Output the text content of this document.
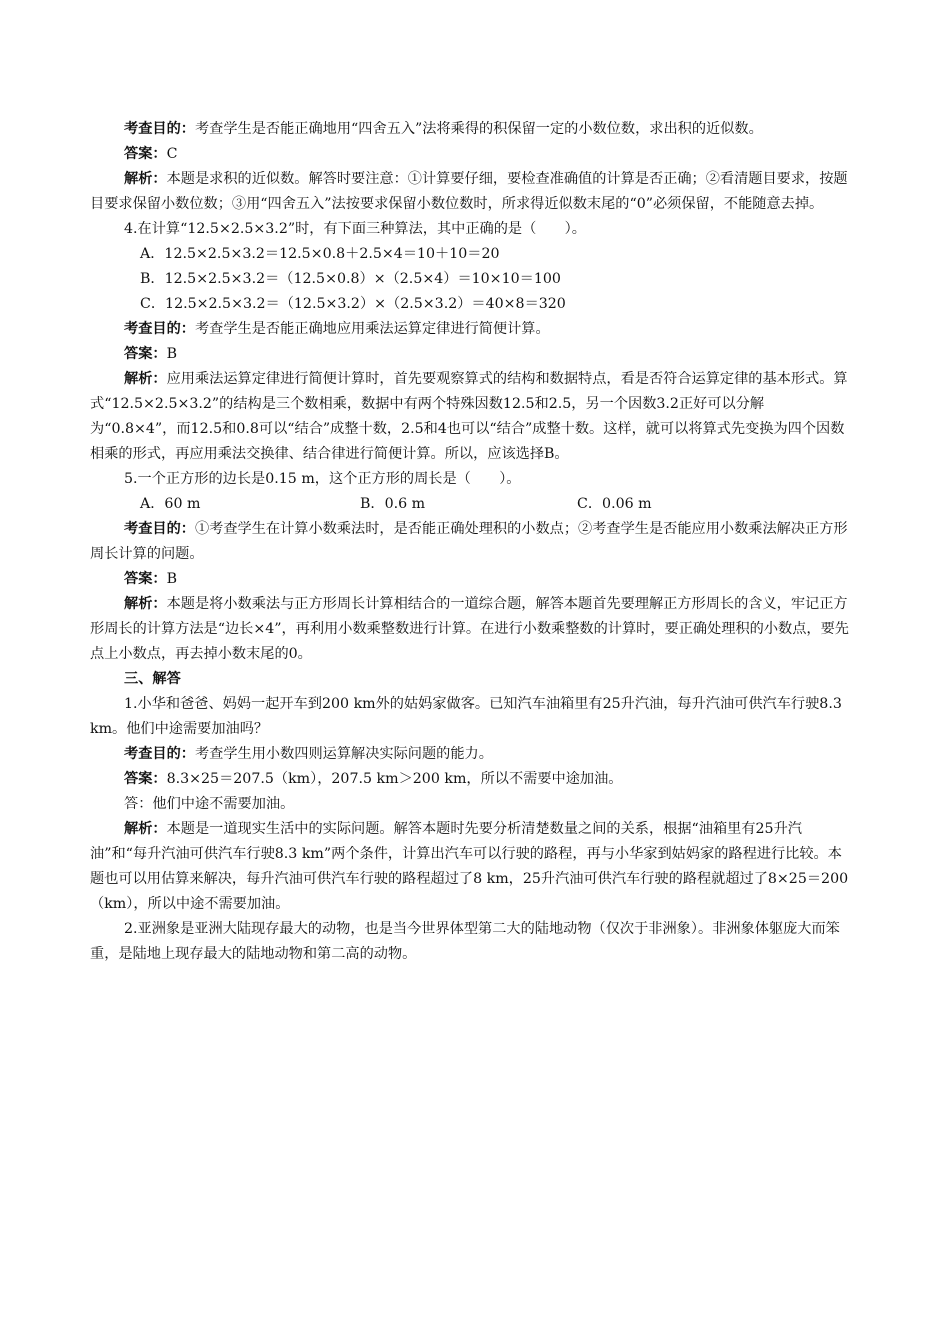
考查目的：考查学生是否能正确地用“四舍五入”法将乘得的积保留一定的小数位数，求出积的近似数。

答案：C

解析：本题是求积的近似数。解答时要注意：①计算要仔细，要检查准确值的计算是否正确；②看清题目要求，按题目要求保留小数位数；③用“四舍五入”法按要求保留小数位数时，所求得近似数末尾的“0”必须保留，不能随意去掉。

4.在计算“12.5×2.5×3.2”时，有下面三种算法，其中正确的是（　　）。

A．12.5×2.5×3.2＝12.5×0.8＋2.5×4＝10＋10＝20

B．12.5×2.5×3.2＝（12.5×0.8）×（2.5×4）＝10×10＝100

C．12.5×2.5×3.2＝（12.5×3.2）×（2.5×3.2）＝40×8＝320

考查目的：考查学生是否能正确地应用乘法运算定律进行简便计算。

答案：B

解析：应用乘法运算定律进行简便计算时，首先要观察算式的结构和数据特点，看是否符合运算定律的基本形式。算式“12.5×2.5×3.2”的结构是三个数相乘，数据中有两个特殊因数12.5和2.5，另一个因数3.2正好可以分解为“0.8×4”，而12.5和0.8可以“结合”成整十数，2.5和4也可以“结合”成整十数。这样，就可以将算式先变换为四个因数相乘的形式，再应用乘法交换律、结合律进行简便计算。所以，应该选择B。

5.一个正方形的边长是0.15 m，这个正方形的周长是（　　）。

A．60 m	B．0.6 m	C．0.06 m

考查目的：①考查学生在计算小数乘法时，是否能正确处理积的小数点；②考查学生是否能应用小数乘法解决正方形周长计算的问题。

答案：B

解析：本题是将小数乘法与正方形周长计算相结合的一道综合题，解答本题首先要理解正方形周长的含义，牢记正方形周长的计算方法是“边长×4”，再利用小数乘整数进行计算。在进行小数乘整数的计算时，要正确处理积的小数点，要先点上小数点，再去掉小数末尾的0。

三、解答

1.小华和爸爸、妈妈一起开车到200 km外的姑妈家做客。已知汽车油箱里有25升汽油，每升汽油可供汽车行驶8.3 km。他们中途需要加油吗？

考查目的：考查学生用小数四则运算解决实际问题的能力。

答案：8.3×25＝207.5（km），207.5 km＞200 km，所以不需要中途加油。

答：他们中途不需要加油。

解析：本题是一道现实生活中的实际问题。解答本题时先要分析清楚数量之间的关系，根据“油箱里有25升汽油”和“每升汽油可供汽车行驶8.3 km”两个条件，计算出汽车可以行驶的路程，再与小华家到姑妈家的路程进行比较。本题也可以用估算来解决，每升汽油可供汽车行驶的路程超过了8 km，25升汽油可供汽车行驶的路程就超过了8×25＝200（km），所以中途不需要加油。

2.亚洲象是亚洲大陆现存最大的动物，也是当今世界体型第二大的陆地动物（仅次于非洲象）。非洲象体躯庞大而笨重，是陆地上现存最大的陆地动物和第二高的动物。
